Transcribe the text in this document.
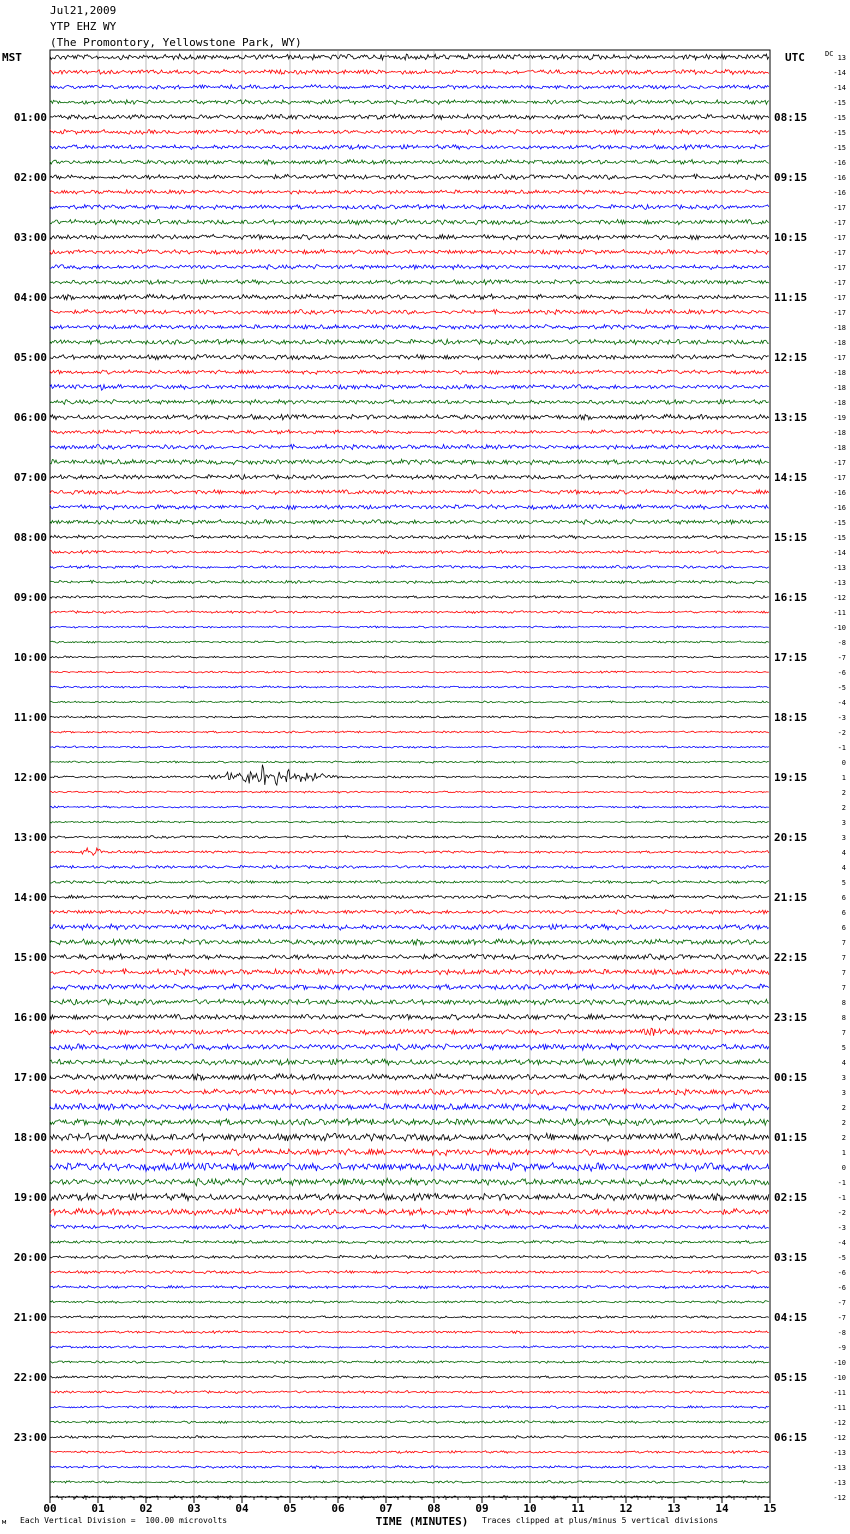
Jul21,2009
YTP EHZ WY
(The Promontory, Yellowstone Park, WY)
MST	UTC	DC 13
-14
-14
-15
-15
-15
-15
-16
-16
-16
-17
-17
-17
-17
-17
-17
-17
-17
-18
-18
-17
-18
-18
-18
-19
-18
-18
-17
-17
-16
-16
-15
-15
-14
-13
-13
-12
-11
-10
-8
-7
-6
-5
-4
-3
-2
-1
0
1
2
2
3
3
4
4
5
6
6
6
7
7
7
7
8
8
7
5
4
3
3
2
2
2
1
0
-1
-1
-2
-3
-4
-5
-6
-6
-7
-7
-8
-9
-10
-10
-11
-11
-12
-12
-13
-13
-13
-12
01:00
02:00
03:00
04:00
05:00
06:00
07:00
08:00
09:00
10:00
11:00
12:00
13:00
14:00
15:00
16:00
17:00
18:00
19:00
20:00
21:00
22:00
23:00
08:15
09:15
10:15
11:15
12:15
13:15
14:15
15:15
16:15
17:15
18:15
19:15
20:15
21:15
22:15
23:15
00:15
01:15
02:15
03:15
04:15
05:15
06:15
00	01	02	03	04	05	06	07	08	09	10	11	12	13	14	15
TIME (MINUTES)
м Each Vertical Division =  100.00 microvolts	Traces clipped at plus/minus 5 vertical divisions
